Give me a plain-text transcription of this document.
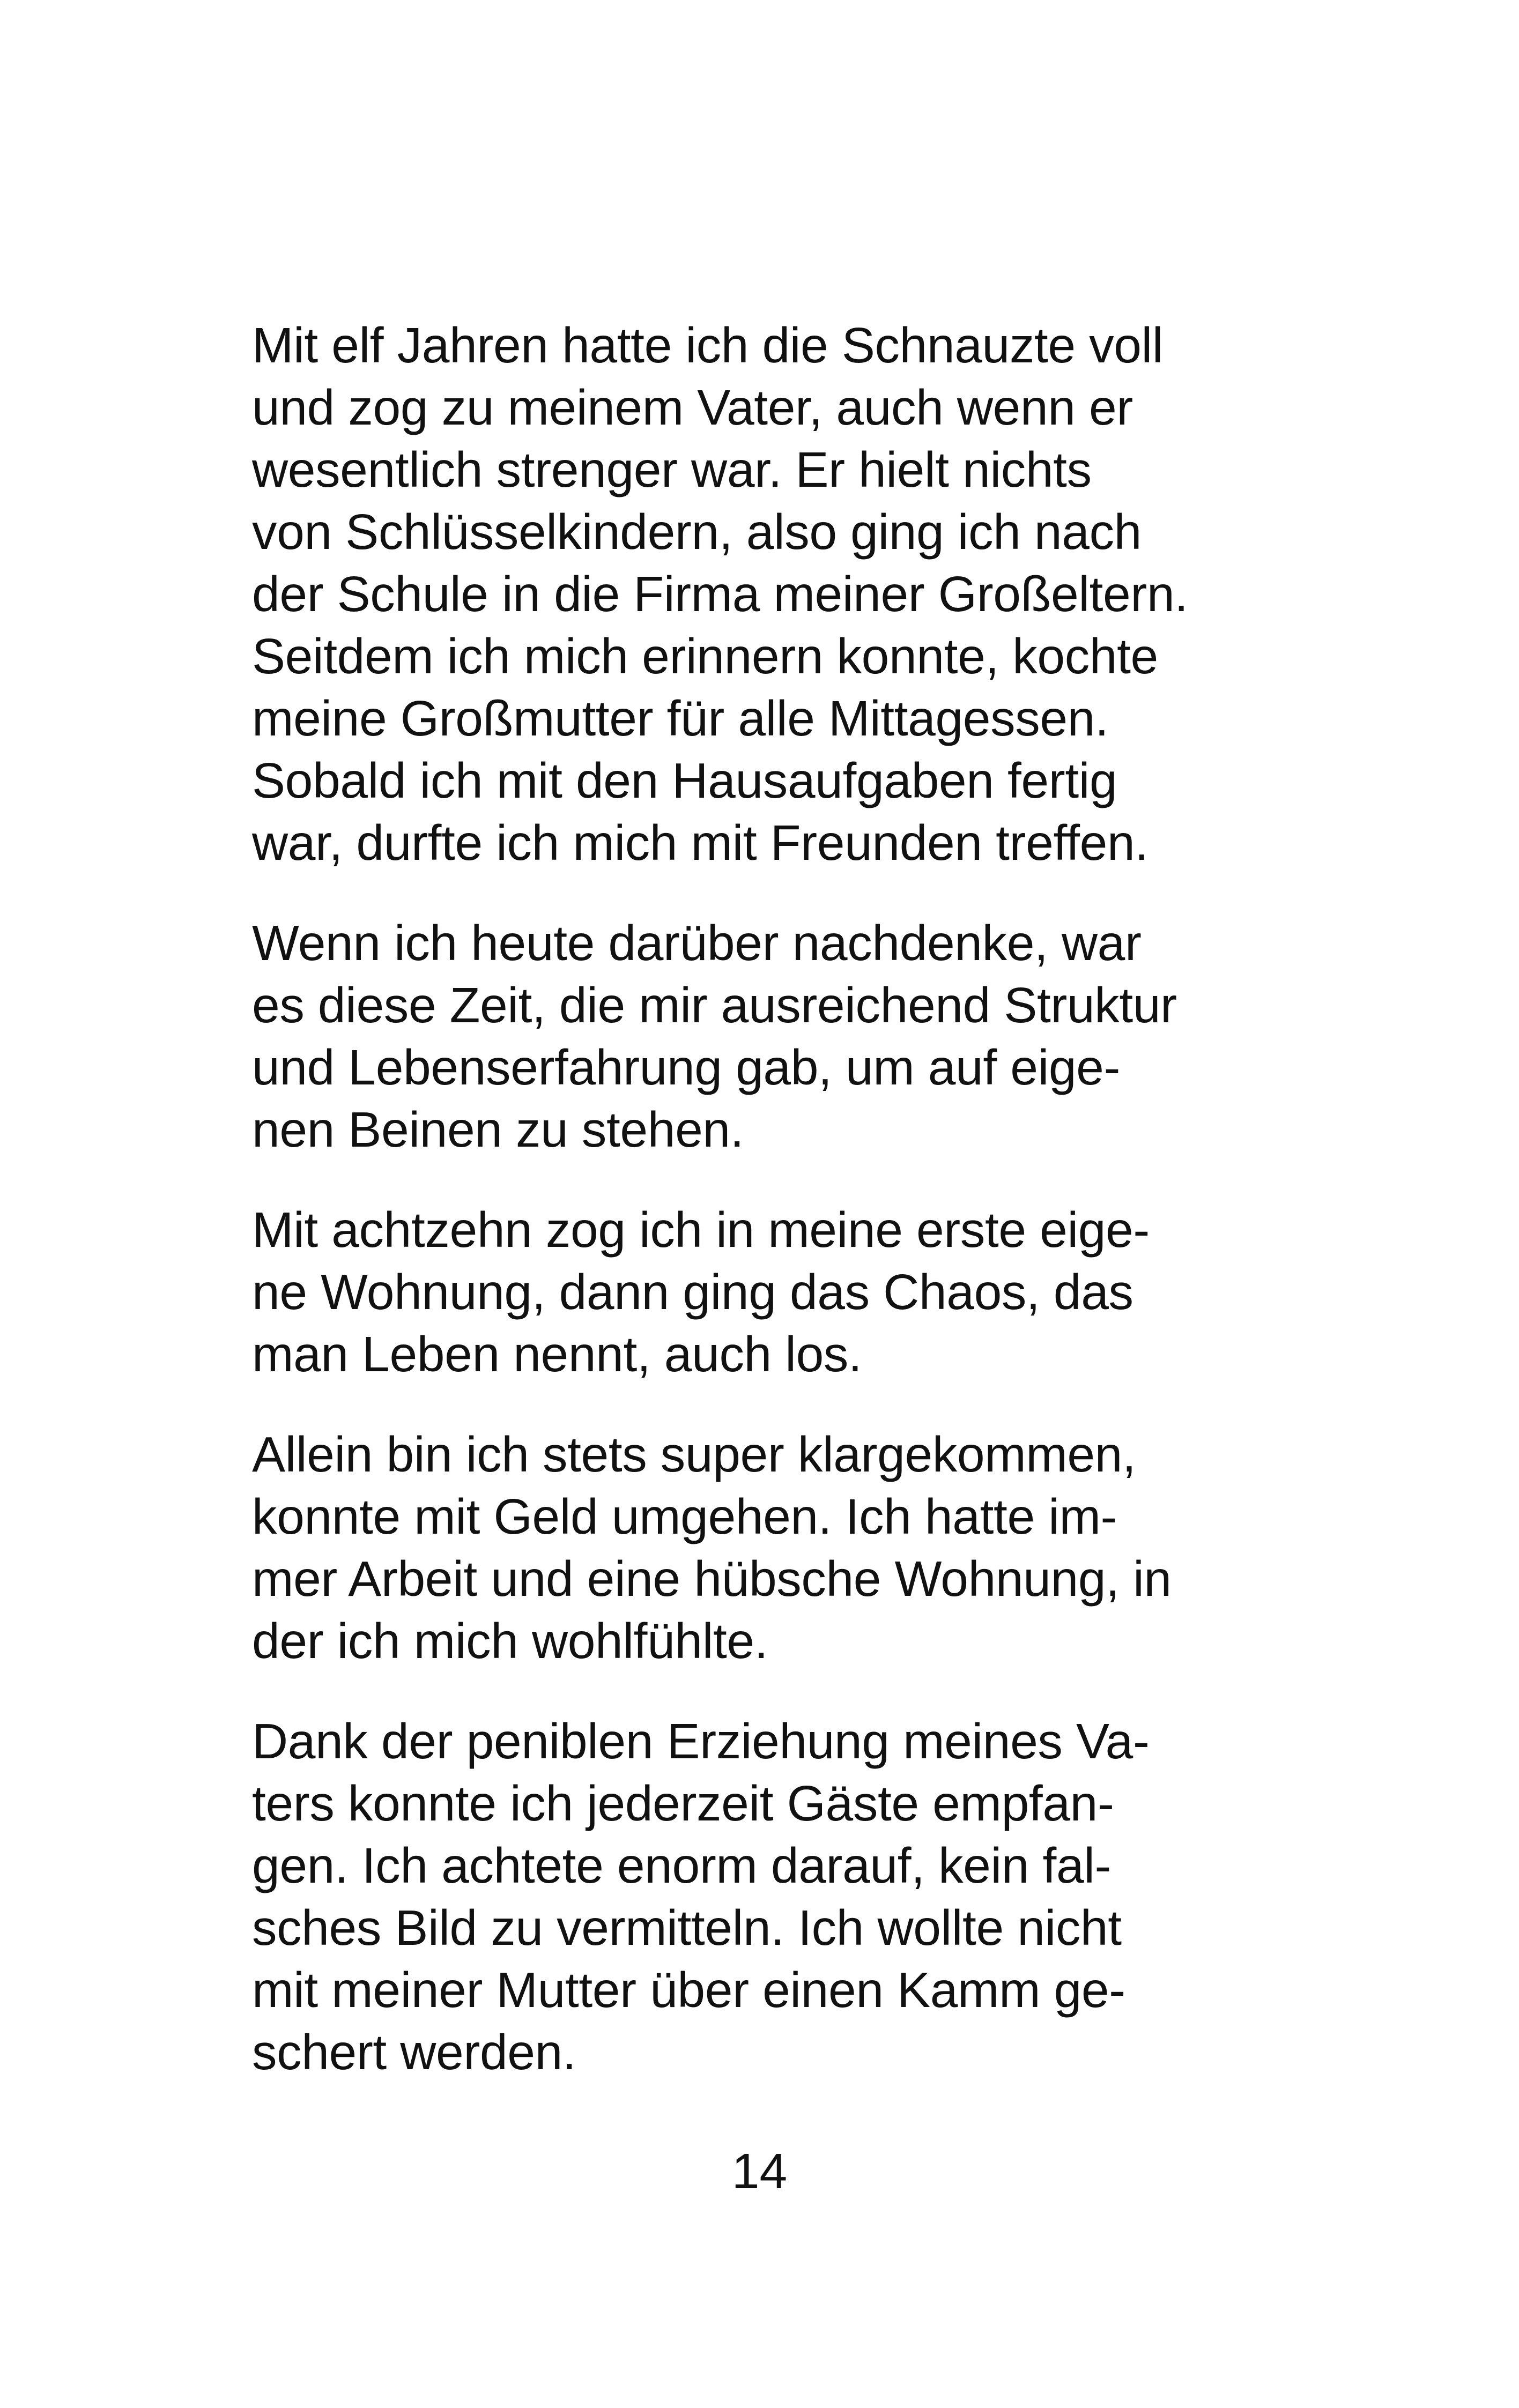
Mit elf Jahren hatte ich die Schnauzte voll
und zog zu meinem Vater, auch wenn er
wesentlich strenger war. Er hielt nichts
von Schlüsselkindern, also ging ich nach
der Schule in die Firma meiner Großeltern.
Seitdem ich mich erinnern konnte, kochte
meine Großmutter für alle Mittagessen.
Sobald ich mit den Hausaufgaben fertig
war, durfte ich mich mit Freunden treffen.

Wenn ich heute darüber nachdenke, war
es diese Zeit, die mir ausreichend Struktur
und Lebenserfahrung gab, um auf eige-
nen Beinen zu stehen.

Mit achtzehn zog ich in meine erste eige-
ne Wohnung, dann ging das Chaos, das
man Leben nennt, auch los.

Allein bin ich stets super klargekommen,
konnte mit Geld umgehen. Ich hatte im-
mer Arbeit und eine hübsche Wohnung, in
der ich mich wohlfühlte.

Dank der peniblen Erziehung meines Va-
ters konnte ich jederzeit Gäste empfan-
gen. Ich achtete enorm darauf, kein fal-
sches Bild zu vermitteln. Ich wollte nicht
mit meiner Mutter über einen Kamm ge-
schert werden.

14
